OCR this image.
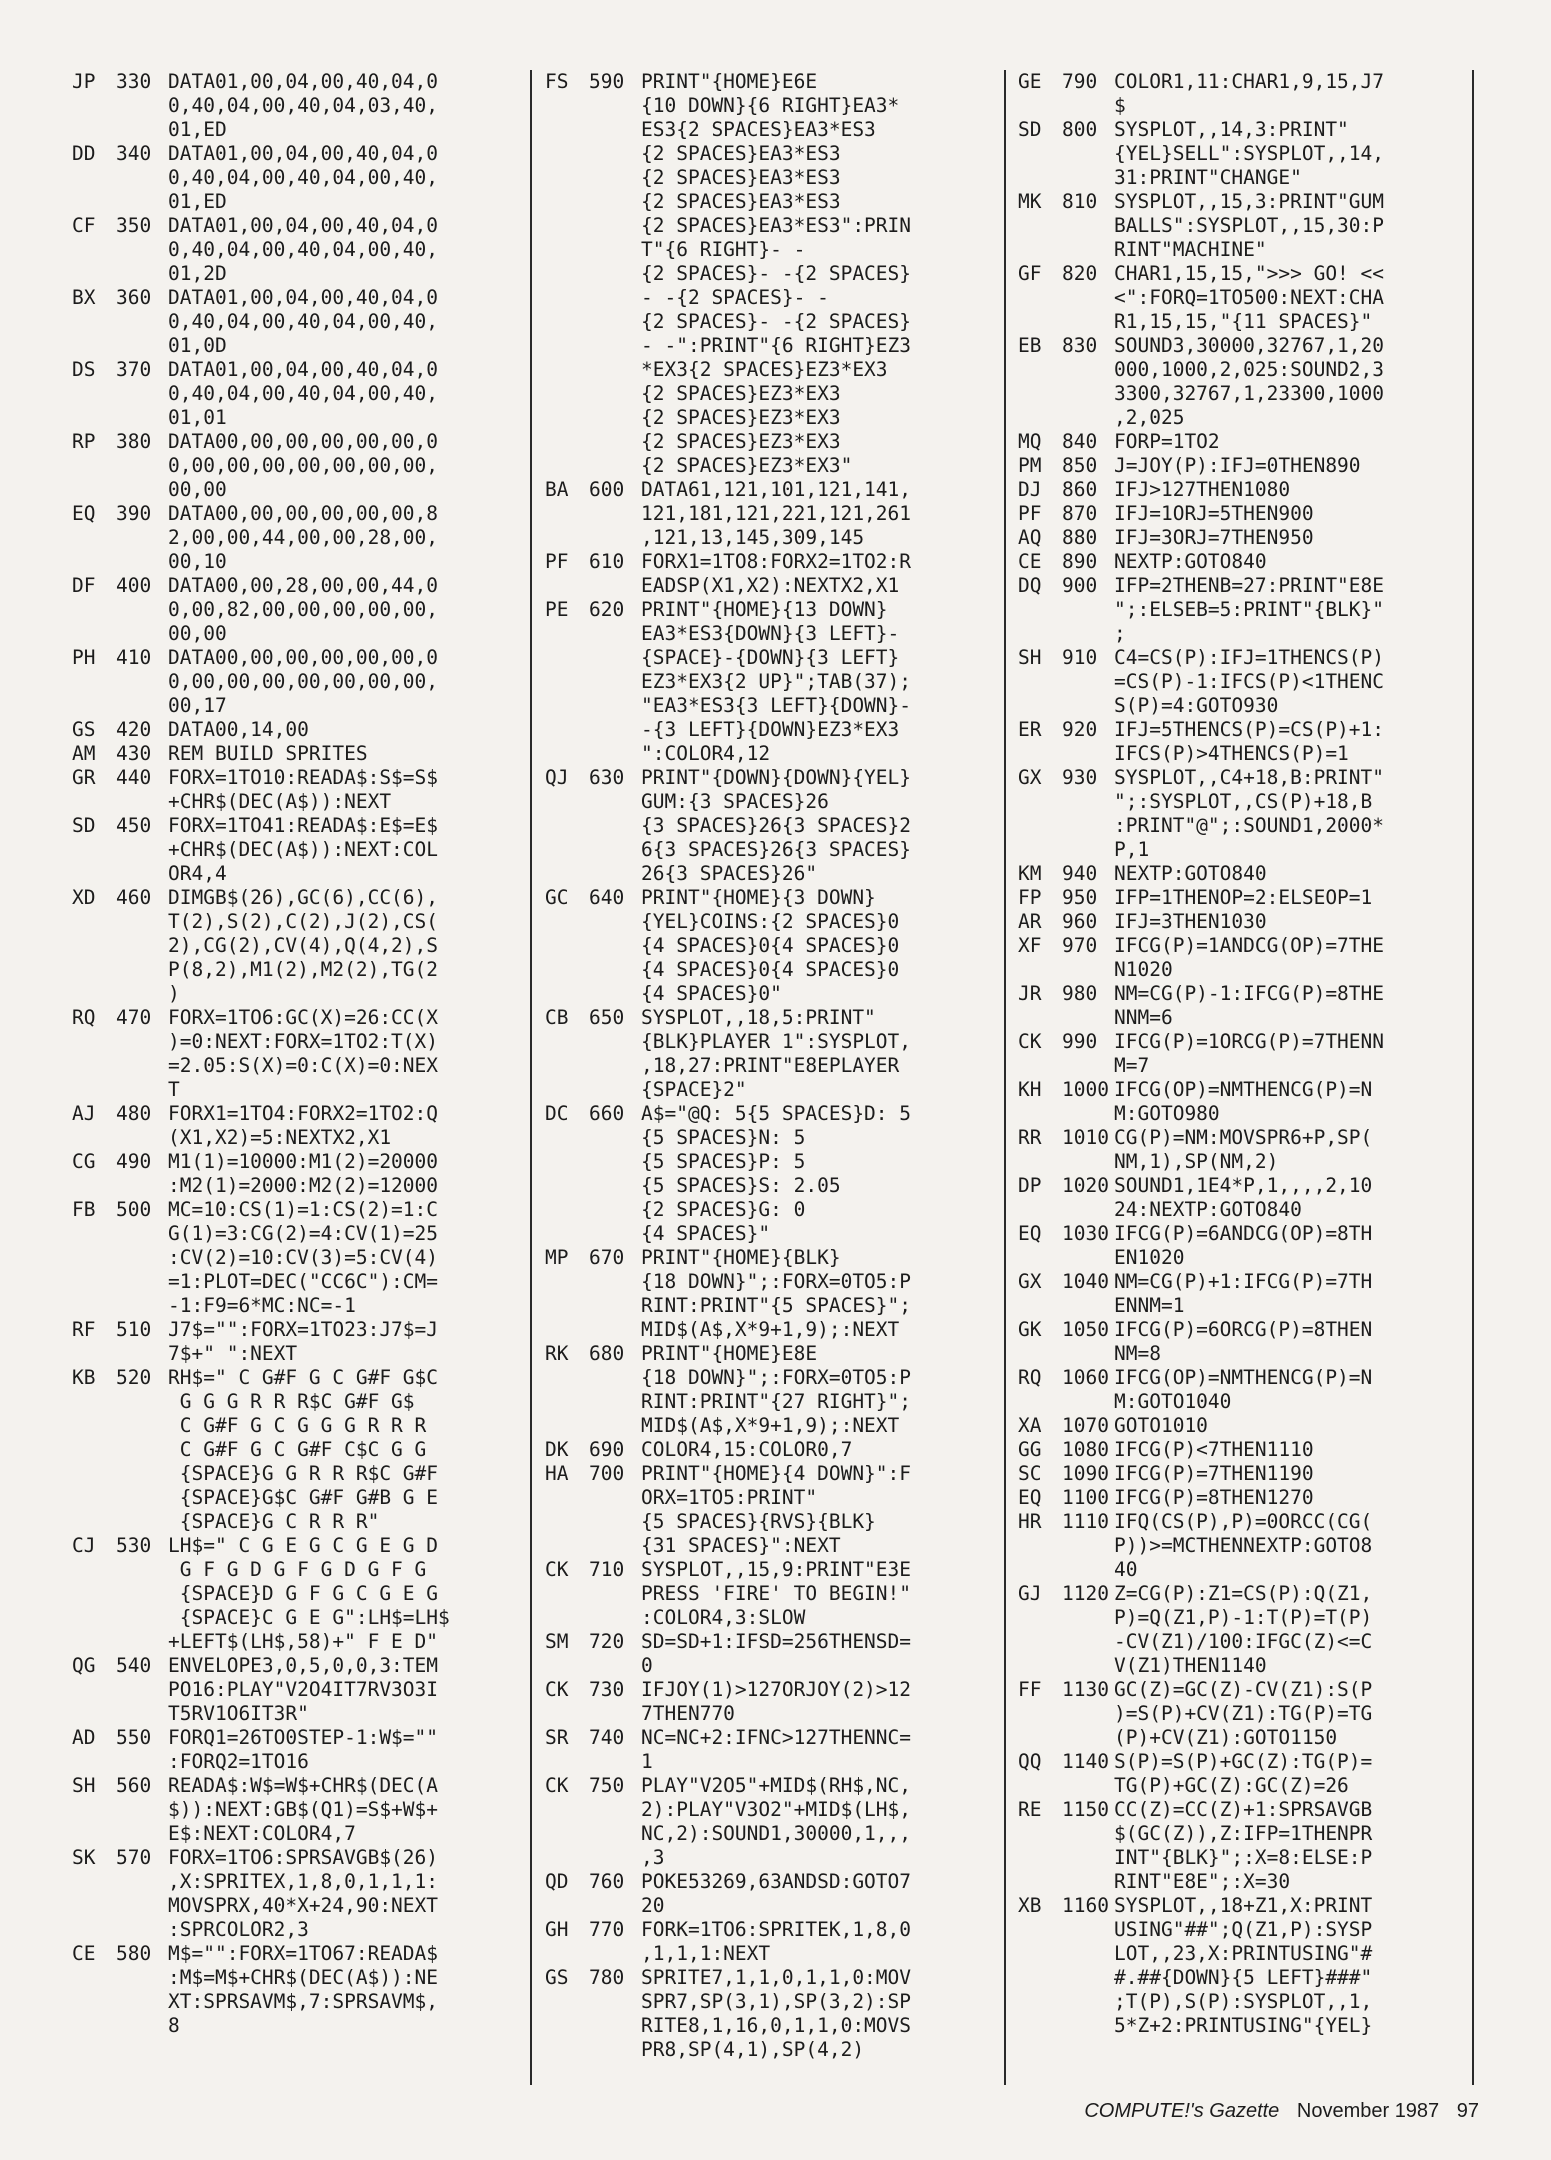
JP	330 DATA01,00,04,00,40,04,0
0,40,04,00,40,04,03,40,
01,ED
DD	340 DATA01,00,04,00,40,04,0
0,40,04,00,40,04,00,40,
01,ED
CF	350 DATA01,00,04,00,40,04,0
0,40,04,00,40,04,00,40,
01,2D
BX	360 DATA01,00,04,00,40,04,0
0,40,04,00,40,04,00,40,
01,0D
DS	370 DATA01,00,04,00,40,04,0
0,40,04,00,40,04,00,40,
01,01
RP	380 DATA00,00,00,00,00,00,0
0,00,00,00,00,00,00,00,
00,00
EQ	390 DATA00,00,00,00,00,00,8
2,00,00,44,00,00,28,00,
00,10
DF	400 DATA00,00,28,00,00,44,0
0,00,82,00,00,00,00,00,
00,00
PH	410 DATA00,00,00,00,00,00,0
0,00,00,00,00,00,00,00,
00,17
GS	420 DATA00,14,00
AM	430 REM BUILD SPRITES
GR	440 FORX=1TO10:READA$:S$=S$
+CHR$(DEC(A$)):NEXT
SD	450 FORX=1TO41:READA$:E$=E$
+CHR$(DEC(A$)):NEXT:COL
OR4,4
XD	460 DIMGB$(26),GC(6),CC(6),
T(2),S(2),C(2),J(2),CS(
2),CG(2),CV(4),Q(4,2),S
P(8,2),M1(2),M2(2),TG(2
)
RQ	470 FORX=1TO6:GC(X)=26:CC(X
)=0:NEXT:FORX=1TO2:T(X)
=2.05:S(X)=0:C(X)=0:NEX
T
AJ	480 FORX1=1TO4:FORX2=1TO2:Q
(X1,X2)=5:NEXTX2,X1
CG	490 M1(1)=10000:M1(2)=20000
:M2(1)=2000:M2(2)=12000
FB	500 MC=10:CS(1)=1:CS(2)=1:C
G(1)=3:CG(2)=4:CV(1)=25
:CV(2)=10:CV(3)=5:CV(4)
=1:PLOT=DEC("CC6C"):CM=
-1:F9=6*MC:NC=-1
RF	510 J7$="":FORX=1TO23:J7$=J
7$+" ":NEXT
KB	520 RH$=" C G#F G C G#F G$C
G G G R R R$C G#F G$
C G#F G C G G G R R R
C G#F G C G#F C$C G G
{SPACE}G G R R R$C G#F
{SPACE}G$C G#F G#B G E
{SPACE}G C R R R"
CJ	530 LH$=" C G E G C G E G D
G F G D G F G D G F G
{SPACE}D G F G C G E G
{SPACE}C G E G":LH$=LH$
+LEFT$(LH$,58)+" F E D"
QG	540 ENVELOPE3,0,5,0,0,3:TEM
PO16:PLAY"V2O4IT7RV3O3I
T5RV1O6IT3R"
AD	550 FORQ1=26TO0STEP-1:W$=""
:FORQ2=1TO16
SH	560 READA$:W$=W$+CHR$(DEC(A
$)):NEXT:GB$(Q1)=S$+W$+
E$:NEXT:COLOR4,7
SK	570 FORX=1TO6:SPRSAVGB$(26)
,X:SPRITEX,1,8,0,1,1,1:
MOVSPRX,40*X+24,90:NEXT
:SPRCOLOR2,3
CE	580 M$="":FORX=1TO67:READA$
:M$=M$+CHR$(DEC(A$)):NE
XT:SPRSAVM$,7:SPRSAVM$,
8
FS	590 PRINT"{HOME}E6E
{10 DOWN}{6 RIGHT}EA3*
ES3{2 SPACES}EA3*ES3
{2 SPACES}EA3*ES3
{2 SPACES}EA3*ES3
{2 SPACES}EA3*ES3
{2 SPACES}EA3*ES3":PRIN
T"{6 RIGHT}- -
{2 SPACES}- -{2 SPACES}
- -{2 SPACES}- -
{2 SPACES}- -{2 SPACES}
- -":PRINT"{6 RIGHT}EZ3
*EX3{2 SPACES}EZ3*EX3
{2 SPACES}EZ3*EX3
{2 SPACES}EZ3*EX3
{2 SPACES}EZ3*EX3
{2 SPACES}EZ3*EX3"
BA	600 DATA61,121,101,121,141,
121,181,121,221,121,261
,121,13,145,309,145
PF	610 FORX1=1TO8:FORX2=1TO2:R
EADSP(X1,X2):NEXTX2,X1
PE	620 PRINT"{HOME}{13 DOWN}
EA3*ES3{DOWN}{3 LEFT}-
{SPACE}-{DOWN}{3 LEFT}
EZ3*EX3{2 UP}";TAB(37);
"EA3*ES3{3 LEFT}{DOWN}-
-{3 LEFT}{DOWN}EZ3*EX3
":COLOR4,12
QJ	630 PRINT"{DOWN}{DOWN}{YEL}
GUM:{3 SPACES}26
{3 SPACES}26{3 SPACES}2
6{3 SPACES}26{3 SPACES}
26{3 SPACES}26"
GC	640 PRINT"{HOME}{3 DOWN}
{YEL}COINS:{2 SPACES}0
{4 SPACES}0{4 SPACES}0
{4 SPACES}0{4 SPACES}0
{4 SPACES}0"
CB	650 SYSPLOT,,18,5:PRINT"
{BLK}PLAYER 1":SYSPLOT,
,18,27:PRINT"E8EPLAYER
{SPACE}2"
DC	660 A$="@Q: 5{5 SPACES}D: 5
{5 SPACES}N: 5
{5 SPACES}P: 5
{5 SPACES}S: 2.05
{2 SPACES}G: 0
{4 SPACES}"
MP	670 PRINT"{HOME}{BLK}
{18 DOWN}";:FORX=0TO5:P
RINT:PRINT"{5 SPACES}";
MID$(A$,X*9+1,9);:NEXT
RK	680 PRINT"{HOME}E8E
{18 DOWN}";:FORX=0TO5:P
RINT:PRINT"{27 RIGHT}";
MID$(A$,X*9+1,9);:NEXT
DK	690 COLOR4,15:COLOR0,7
HA	700 PRINT"{HOME}{4 DOWN}":F
ORX=1TO5:PRINT"
{5 SPACES}{RVS}{BLK}
{31 SPACES}":NEXT
CK	710 SYSPLOT,,15,9:PRINT"E3E
PRESS 'FIRE' TO BEGIN!"
:COLOR4,3:SLOW
SM	720 SD=SD+1:IFSD=256THENSD=
0
CK	730 IFJOY(1)>127ORJOY(2)>12
7THEN770
SR	740 NC=NC+2:IFNC>127THENNC=
1
CK	750 PLAY"V2O5"+MID$(RH$,NC,
2):PLAY"V3O2"+MID$(LH$,
NC,2):SOUND1,30000,1,,,
,3
QD	760 POKE53269,63ANDSD:GOTO7
20
GH	770 FORK=1TO6:SPRITEK,1,8,0
,1,1,1:NEXT
GS	780 SPRITE7,1,1,0,1,1,0:MOV
SPR7,SP(3,1),SP(3,2):SP
RITE8,1,16,0,1,1,0:MOVS
PR8,SP(4,1),SP(4,2)
GE	790 COLOR1,11:CHAR1,9,15,J7
$
SD	800 SYSPLOT,,14,3:PRINT"
{YEL}SELL":SYSPLOT,,14,
31:PRINT"CHANGE"
MK	810 SYSPLOT,,15,3:PRINT"GUM
BALLS":SYSPLOT,,15,30:P
RINT"MACHINE"
GF	820 CHAR1,15,15,">>> GO! <<
<":FORQ=1TO500:NEXT:CHA
R1,15,15,"{11 SPACES}"
EB	830 SOUND3,30000,32767,1,20
000,1000,2,025:SOUND2,3
3300,32767,1,23300,1000
,2,025
MQ	840 FORP=1TO2
PM	850 J=JOY(P):IFJ=0THEN890
DJ	860 IFJ>127THEN1080
PF	870 IFJ=1ORJ=5THEN900
AQ	880 IFJ=3ORJ=7THEN950
CE	890 NEXTP:GOTO840
DQ	900 IFP=2THENB=27:PRINT"E8E
";:ELSEB=5:PRINT"{BLK}"
;
SH	910 C4=CS(P):IFJ=1THENCS(P)
=CS(P)-1:IFCS(P)<1THENC
S(P)=4:GOTO930
ER	920 IFJ=5THENCS(P)=CS(P)+1:
IFCS(P)>4THENCS(P)=1
GX	930 SYSPLOT,,C4+18,B:PRINT"
";:SYSPLOT,,CS(P)+18,B
:PRINT"@";:SOUND1,2000*
P,1
KM	940 NEXTP:GOTO840
FP	950 IFP=1THENOP=2:ELSEOP=1
AR	960 IFJ=3THEN1030
XF	970 IFCG(P)=1ANDCG(OP)=7THE
N1020
JR	980 NM=CG(P)-1:IFCG(P)=8THE
NNM=6
CK	990 IFCG(P)=1ORCG(P)=7THENN
M=7
KH	1000 IFCG(OP)=NMTHENCG(P)=N
M:GOTO980
RR	1010 CG(P)=NM:MOVSPR6+P,SP(
NM,1),SP(NM,2)
DP	1020 SOUND1,1E4*P,1,,,,2,10
24:NEXTP:GOTO840
EQ	1030 IFCG(P)=6ANDCG(OP)=8TH
EN1020
GX	1040 NM=CG(P)+1:IFCG(P)=7TH
ENNM=1
GK	1050 IFCG(P)=6ORCG(P)=8THEN
NM=8
RQ	1060 IFCG(OP)=NMTHENCG(P)=N
M:GOTO1040
XA	1070 GOTO1010
GG	1080 IFCG(P)<7THEN1110
SC	1090 IFCG(P)=7THEN1190
EQ	1100 IFCG(P)=8THEN1270
HR	1110 IFQ(CS(P),P)=0ORCC(CG(
P))>=MCTHENNEXTP:GOTO8
40
GJ	1120 Z=CG(P):Z1=CS(P):Q(Z1,
P)=Q(Z1,P)-1:T(P)=T(P)
-CV(Z1)/100:IFGC(Z)<=C
V(Z1)THEN1140
FF	1130 GC(Z)=GC(Z)-CV(Z1):S(P
)=S(P)+CV(Z1):TG(P)=TG
(P)+CV(Z1):GOTO1150
QQ	1140 S(P)=S(P)+GC(Z):TG(P)=
TG(P)+GC(Z):GC(Z)=26
RE	1150 CC(Z)=CC(Z)+1:SPRSAVGB
$(GC(Z)),Z:IFP=1THENPR
INT"{BLK}";:X=8:ELSE:P
RINT"E8E";:X=30
XB	1160 SYSPLOT,,18+Z1,X:PRINT
USING"##";Q(Z1,P):SYSP
LOT,,23,X:PRINTUSING"#
#.##{DOWN}{5 LEFT}###"
;T(P),S(P):SYSPLOT,,1,
5*Z+2:PRINTUSING"{YEL}
COMPUTE!'s Gazette November 1987 97
